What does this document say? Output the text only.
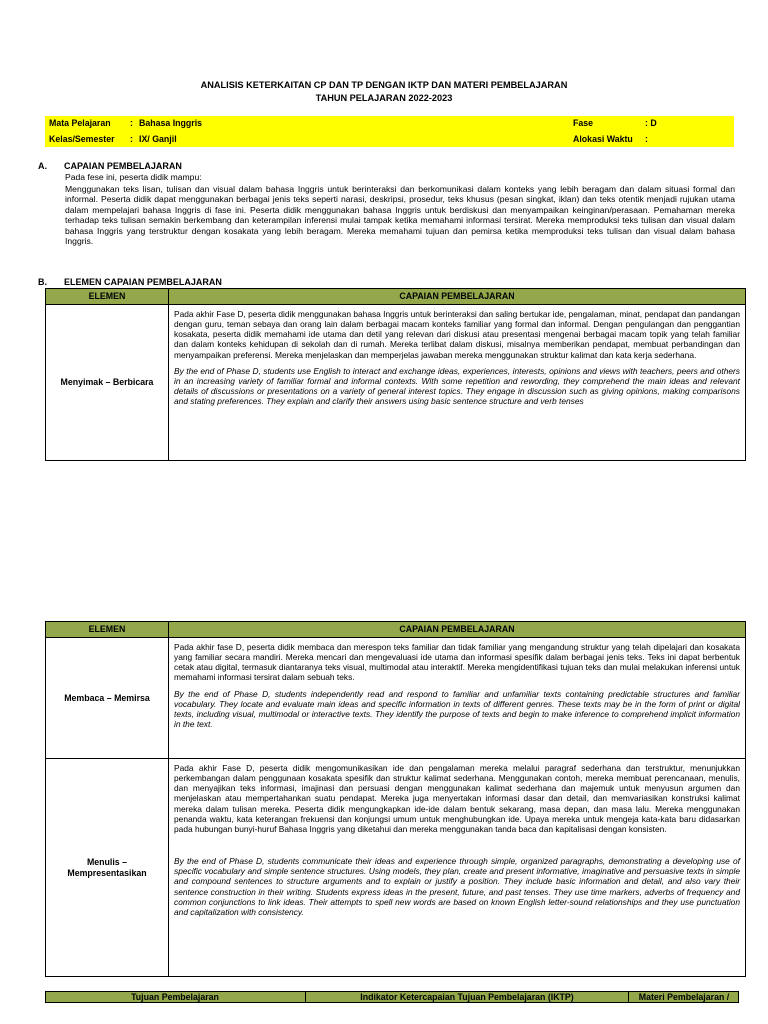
ANALISIS KETERKAITAN CP DAN TP DENGAN IKTP DAN MATERI PEMBELAJARAN
TAHUN PELAJARAN 2022-2023
Mata Pelajaran : Bahasa Inggris
Kelas/Semester : IX/ Ganjil
Fase	: D
Alokasi Waktu :
A. CAPAIAN PEMBELAJARAN
Pada fese ini, peserta didik mampu:
Menggunakan teks lisan, tulisan dan visual dalam bahasa Inggris untuk berinteraksi dan berkomunikasi dalam konteks yang lebih beragam dan dalam situasi formal dan informal. Peserta didik dapat menggunakan berbagai jenis teks seperti narasi, deskripsi, prosedur, teks khusus (pesan singkat, iklan) dan teks otentik menjadi rujukan utama dalam mempelajari bahasa Inggris di fase ini. Peserta didik menggunakan bahasa Inggris untuk berdiskusi dan menyampaikan keinginan/perasaan. Pemahaman mereka terhadap teks tulisan semakin berkembang dan keterampilan inferensi mulai tampak ketika memahami informasi tersirat. Mereka memproduksi teks tulisan dan visual dalam bahasa Inggris yang terstruktur dengan kosakata yang lebih beragam. Mereka memahami tujuan dan pemirsa ketika memproduksi teks tulisan dan visual dalam bahasa Inggris.
B. ELEMEN CAPAIAN PEMBELAJARAN
ELEMEN	CAPAIAN PEMBELAJARAN
Menyimak – Berbicara	Pada akhir Fase D, peserta didik menggunakan bahasa Inggris untuk berinteraksi dan saling bertukar ide, pengalaman, minat, pendapat dan pandangan dengan guru, teman sebaya dan orang lain dalam berbagai macam konteks familiar yang formal dan informal. Dengan pengulangan dan penggantian kosakata, peserta didik memahami ide utama dan detil yang relevan dari diskusi atau presentasi mengenai berbagai macam topik yang telah familiar dan dalam konteks kehidupan di sekolah dan di rumah. Mereka terlibat dalam diskusi, misalnya memberikan pendapat, membuat perbandingan dan menyampaikan preferensi. Mereka menjelaskan dan memperjelas jawaban mereka menggunakan struktur kalimat dan kata kerja sederhana.

By the end of Phase D, students use English to interact and exchange ideas, experiences, interests, opinions and views with teachers, peers and others in an increasing variety of familiar formal and informal contexts. With some repetition and rewording, they comprehend the main ideas and relevant details of discussions or presentations on a variety of general interest topics. They engage in discussion such as giving opinions, making comparisons and stating preferences. They explain and clarify their answers using basic sentence structure and verb tenses

ELEMEN	CAPAIAN PEMBELAJARAN
Membaca – Memirsa	Pada akhir fase D, peserta didik membaca dan merespon teks familiar dan tidak familiar yang mengandung struktur yang telah dipelajari dan kosakata yang familiar secara mandiri. Mereka mencari dan mengevaluasi ide utama dan informasi spesifik dalam berbagai jenis teks. Teks ini dapat berbentuk cetak atau digital, termasuk diantaranya teks visual, multimodal atau interaktif. Mereka mengidentifikasi tujuan teks dan mulai melakukan inferensi untuk memahami informasi tersirat dalam sebuah teks.

By the end of Phase D, students independently read and respond to familiar and unfamiliar texts containing predictable structures and familiar vocabulary. They locate and evaluate main ideas and specific information in texts of different genres. These texts may be in the form of print or digital texts, including visual, multimodal or interactive texts. They identify the purpose of texts and begin to make inference to comprehend implicit information in the text.

Menulis – Mempresentasikan	Pada akhir Fase D, peserta didik mengomunikasikan ide dan pengalaman mereka melalui paragraf sederhana dan terstruktur, menunjukkan perkembangan dalam penggunaan kosakata spesifik dan struktur kalimat sederhana. Menggunakan contoh, mereka membuat perencanaan, menulis, dan menyajikan teks informasi, imajinasi dan persuasi dengan menggunakan kalimat sederhana dan majemuk untuk menyusun argumen dan menjelaskan atau mempertahankan suatu pendapat. Mereka juga menyertakan informasi dasar dan detail, dan memvariasikan konstruksi kalimat mereka dalam tulisan mereka. Peserta didik mengungkapkan ide-ide dalam bentuk sekarang, masa depan, dan masa lalu. Mereka menggunakan penanda waktu, kata keterangan frekuensi dan konjungsi umum untuk menghubungkan ide. Upaya mereka untuk mengeja kata-kata baru didasarkan pada hubungan bunyi-huruf Bahasa Inggris yang diketahui dan mereka menggunakan tanda baca dan kapitalisasi dengan konsisten.

By the end of Phase D, students communicate their ideas and experience through simple, organized paragraphs, demonstrating a developing use of specific vocabulary and simple sentence structures. Using models, they plan, create and present informative, imaginative and persuasive texts in simple and compound sentences to structure arguments and to explain or justify a position. They include basic information and detail, and also vary their sentence construction in their writing. Students express ideas in the present, future, and past tenses. They use time markers, adverbs of frequency and common conjunctions to link ideas. Their attempts to spell new words are based on known English letter-sound relationships and they use punctuation and capitalization with consistency.

Tujuan Pembelajaran	Indikator Ketercapaian Tujuan Pembelajaran (IKTP)	Materi Pembelajaran /
